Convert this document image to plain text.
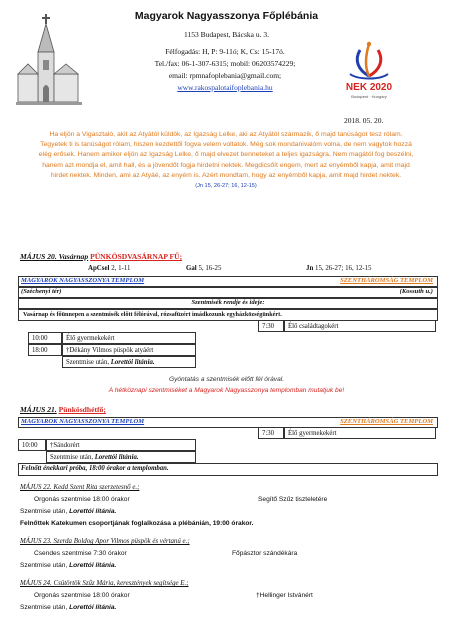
Magyarok Nagyasszonya Főplébánia
1153 Budapest, Bácska u. 3.
Félfogadás: H, P: 9-11ó; K, Cs: 15-17ó.
Tel./fax: 06-1-307-6315; mobil: 06203574229;
email: rpmnafoplebania@gmail.com;
www.rakospalotaifoplebania.hu	NEK 2020
Budapest · Hungary
2018. 05. 20.
Ha eljön a Vigasztaló, akit az Atyától küldök, az Igazság Lelke, aki az Atyától származik, ő majd tanúságot tesz rólam. Tegyetek ti is tanúságot rólam, hiszen kezdettől fogva velem voltatok. Még sok mondanivalóm volna, de nem vagytok hozzá elég erősek. Hanem amikor eljön az Igazság Lelke, ő majd elvezet benneteket a teljes igazságra. Nem magától fog beszélni, hanem azt mondja el, amit hall, és a jövendőt fogja hirdetni nektek. Megdicsőít engem, mert az enyémből kapja, amit majd hirdet nektek. Minden, ami az Atyáé, az enyém is. Azért mondtam, hogy az enyémből kapja, amit majd hirdet nektek.
(Jn 15, 26-27; 16, 12-15)
MÁJUS 20. Vasárnap PÜNKÖSDVASÁRNAP FŰ;
ApCsel 2, 1-11	Gal 5, 16-25	Jn 15, 26-27; 16, 12-15
MAGYAROK NAGYASSZONYA TEMPLOM	SZENTHÁROMSÁG TEMPLOM
(Széchenyi tér)	(Kossuth u.)
Szentmisék rendje és ideje:
Vasárnap és főünnepen a szentmisék előtt félórával, rózsafüzért imádkozunk egyházközségünkért.
7:30	Élő családtagokért
10:00	Élő gyermekekért
18:00	†Dékány Vilmos püspök atyáért
Szentmise után, Lorettói litánia.
Gyóntatás a szentmisék előtt fél órával.
A hétköznapi szentmiséket a Magyarok Nagyasszonya templomban mutatjuk be!
MÁJUS 21. Pünkösdhétfő;
MAGYAROK NAGYASSZONYA TEMPLOM	SZENTHÁROMSÁG TEMPLOM
7:30	Élő gyermekekért
10:00	†Sándorért
Szentmise után, Lorettói litánia.
Felnőtt énekkari próba, 18:00 órakor a templomban.
MÁJUS 22. Kedd Szent Rita szerzetesnő e.;
Orgonás szentmise 18:00 órakor	Segítő Szűz tiszteletére
Szentmise után, Lorettói litánia.
Felnőttek Katekumen csoportjának foglalkozása a plébánián, 19:00 órakor.
MÁJUS 23. Szerda Boldog Apor Vilmos püspök és vértanú e.;
Csendes szentmise 7:30 órakor	Főpásztor szándékára
Szentmise után, Lorettói litánia.
MÁJUS 24. Csütörtök Szűz Mária, keresztények segítsége E.;
Orgonás szentmise 18:00 órakor	†Hellinger Istvánért
Szentmise után, Lorettói litánia.
